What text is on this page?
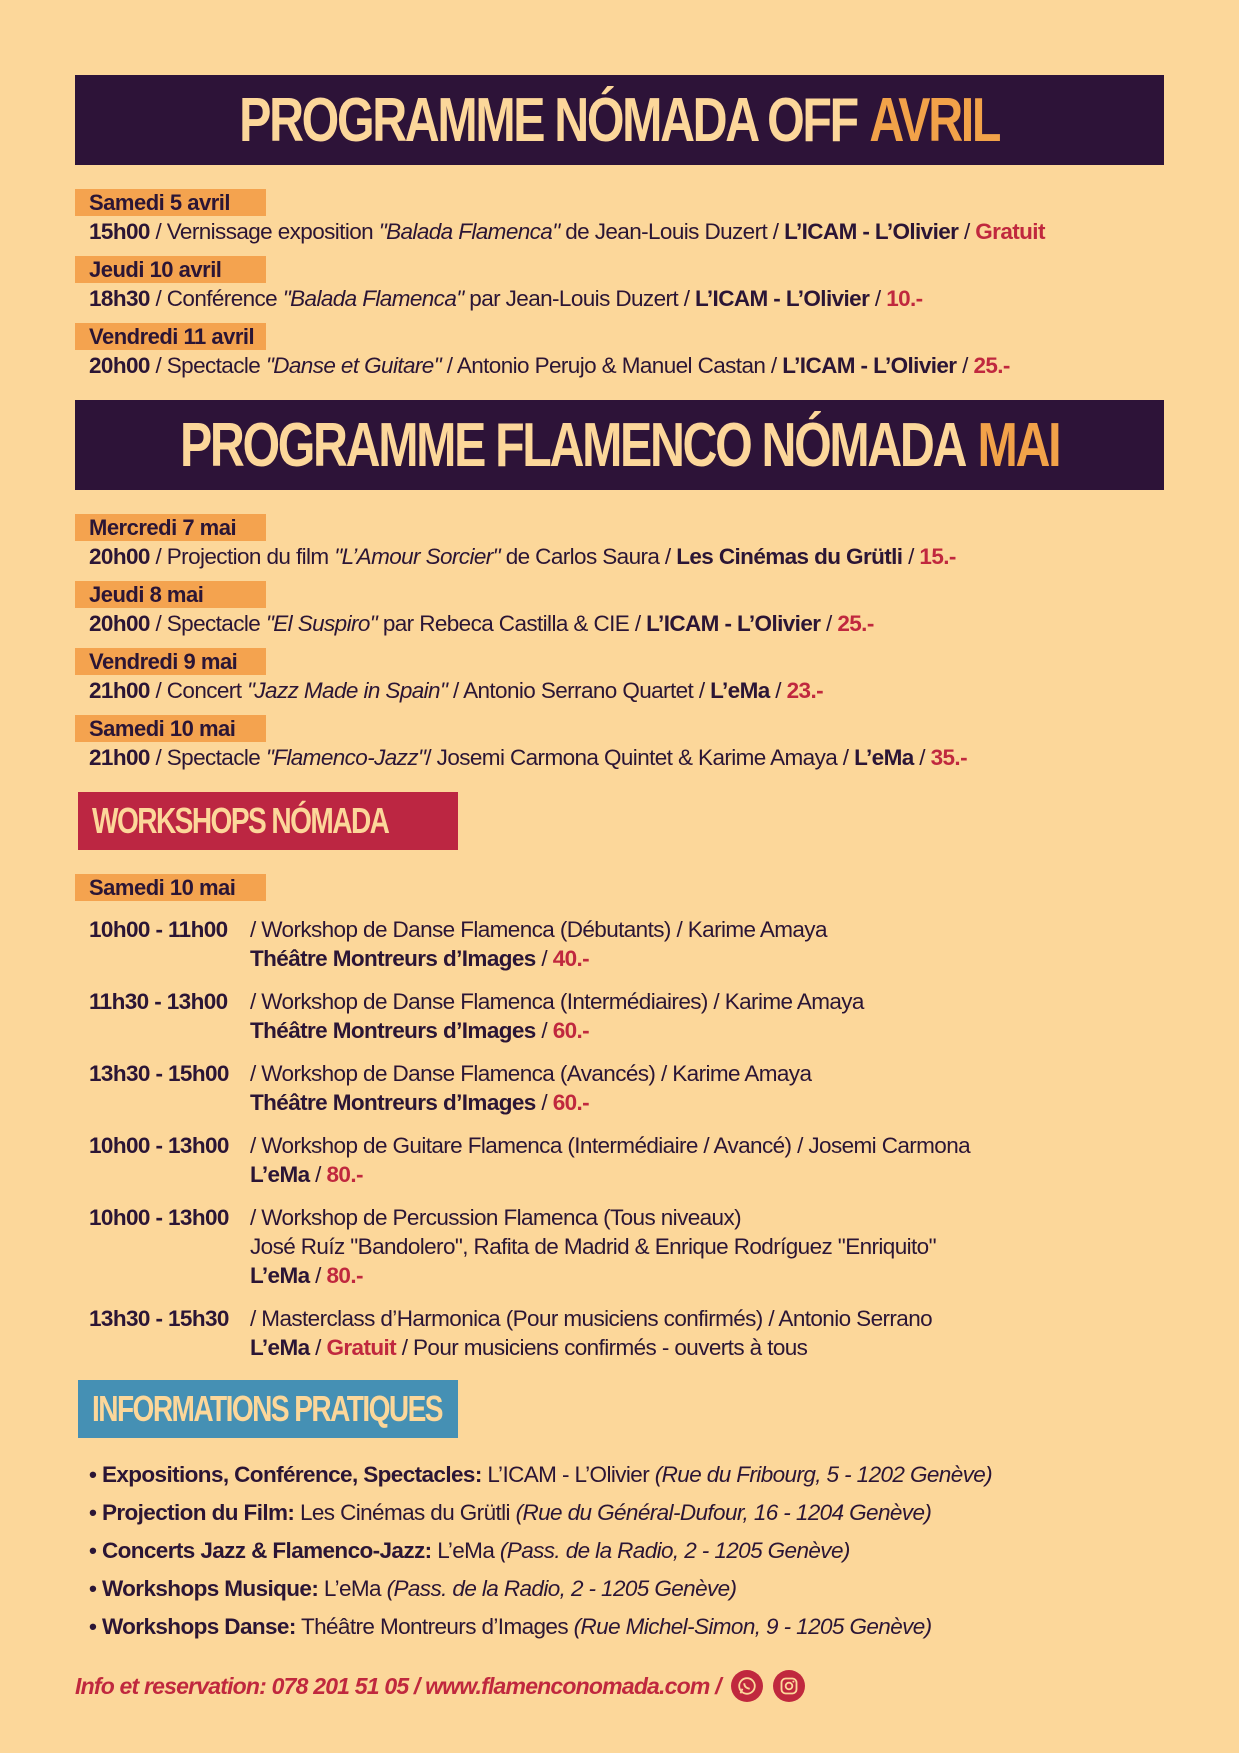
PROGRAMME NÓMADA OFF AVRIL
Samedi 5 avril
15h00 / Vernissage exposition "Balada Flamenca" de Jean-Louis Duzert / L’ICAM - L’Olivier / Gratuit
Jeudi 10 avril
18h30 / Conférence "Balada Flamenca" par Jean-Louis Duzert / L’ICAM - L’Olivier / 10.-
Vendredi 11 avril
20h00 / Spectacle "Danse et Guitare" / Antonio Perujo & Manuel Castan / L’ICAM - L’Olivier / 25.-
PROGRAMME FLAMENCO NÓMADA MAI
Mercredi 7 mai
20h00 / Projection du film "L’Amour Sorcier" de Carlos Saura / Les Cinémas du Grütli / 15.-
Jeudi 8 mai
20h00 / Spectacle "El Suspiro" par Rebeca Castilla & CIE / L’ICAM - L’Olivier / 25.-
Vendredi 9 mai
21h00 / Concert "Jazz Made in Spain" / Antonio Serrano Quartet / L’eMa / 23.-
Samedi 10 mai
21h00 / Spectacle "Flamenco-Jazz"/ Josemi Carmona Quintet & Karime Amaya / L’eMa / 35.-
WORKSHOPS NÓMADA
Samedi 10 mai
10h00 - 11h00 / Workshop de Danse Flamenca (Débutants) / Karime Amaya
Théâtre Montreurs d’Images / 40.-
11h30 - 13h00 / Workshop de Danse Flamenca (Intermédiaires) / Karime Amaya
Théâtre Montreurs d’Images / 60.-
13h30 - 15h00 / Workshop de Danse Flamenca (Avancés) / Karime Amaya
Théâtre Montreurs d’Images / 60.-
10h00 - 13h00 / Workshop de Guitare Flamenca (Intermédiaire / Avancé) / Josemi Carmona
L’eMa / 80.-
10h00 - 13h00 / Workshop de Percussion Flamenca (Tous niveaux)
José Ruíz "Bandolero", Rafita de Madrid & Enrique Rodríguez "Enriquito"
L’eMa / 80.-
13h30 - 15h30 / Masterclass d’Harmonica (Pour musiciens confirmés) / Antonio Serrano
L’eMa / Gratuit / Pour musiciens confirmés - ouverts à tous
INFORMATIONS PRATIQUES
• Expositions, Conférence, Spectacles: L’ICAM - L’Olivier (Rue du Fribourg, 5 - 1202 Genève)
• Projection du Film: Les Cinémas du Grütli (Rue du Général-Dufour, 16 - 1204 Genève)
• Concerts Jazz & Flamenco-Jazz: L’eMa (Pass. de la Radio, 2 - 1205 Genève)
• Workshops Musique: L’eMa (Pass. de la Radio, 2 - 1205 Genève)
• Workshops Danse: Théâtre Montreurs d’Images (Rue Michel-Simon, 9 - 1205 Genève)
Info et reservation: 078 201 51 05 / www.flamenconomada.com /
